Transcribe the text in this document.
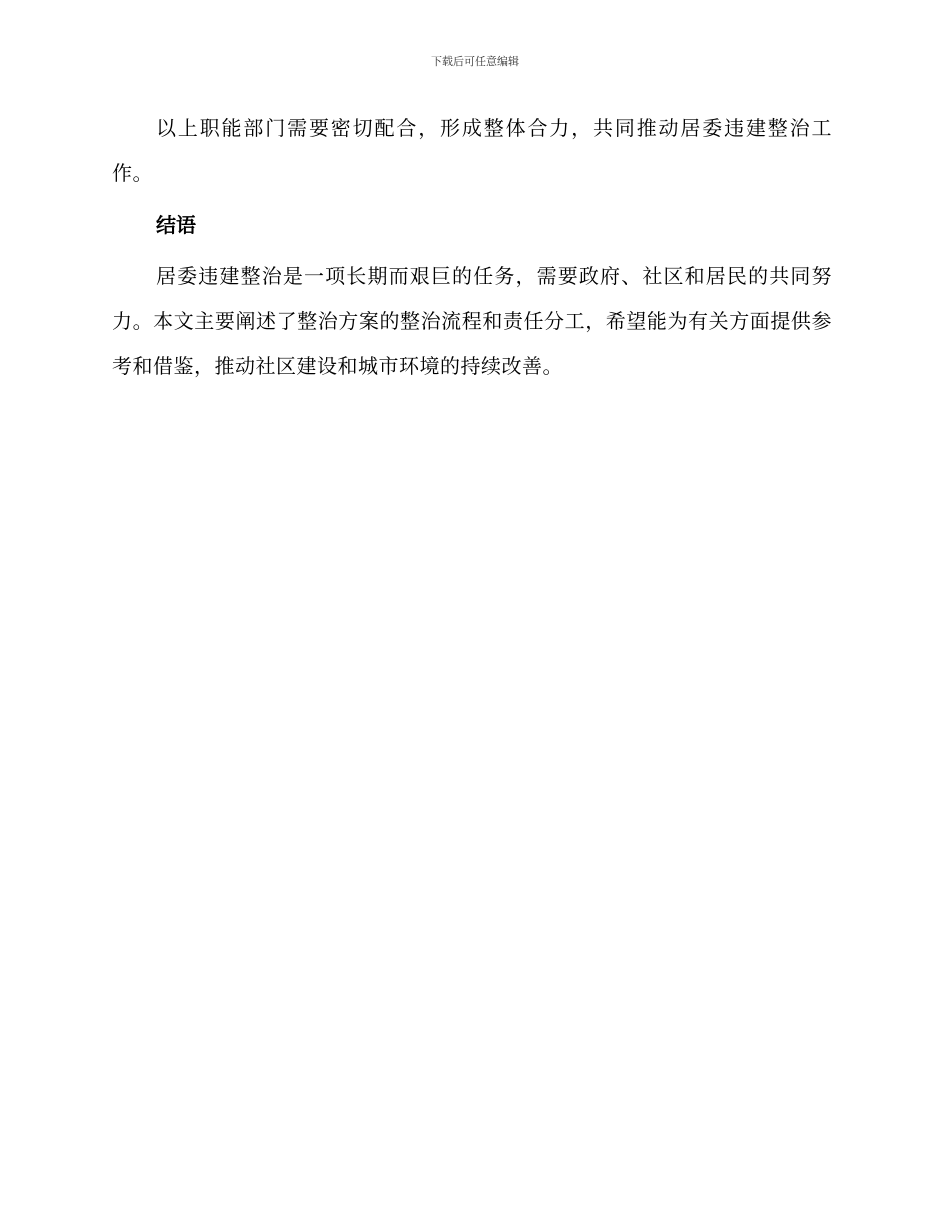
下载后可任意编辑

以上职能部门需要密切配合，形成整体合力，共同推动居委违建整治工作。

结语

居委违建整治是一项长期而艰巨的任务，需要政府、社区和居民的共同努力。本文主要阐述了整治方案的整治流程和责任分工，希望能为有关方面提供参考和借鉴，推动社区建设和城市环境的持续改善。
